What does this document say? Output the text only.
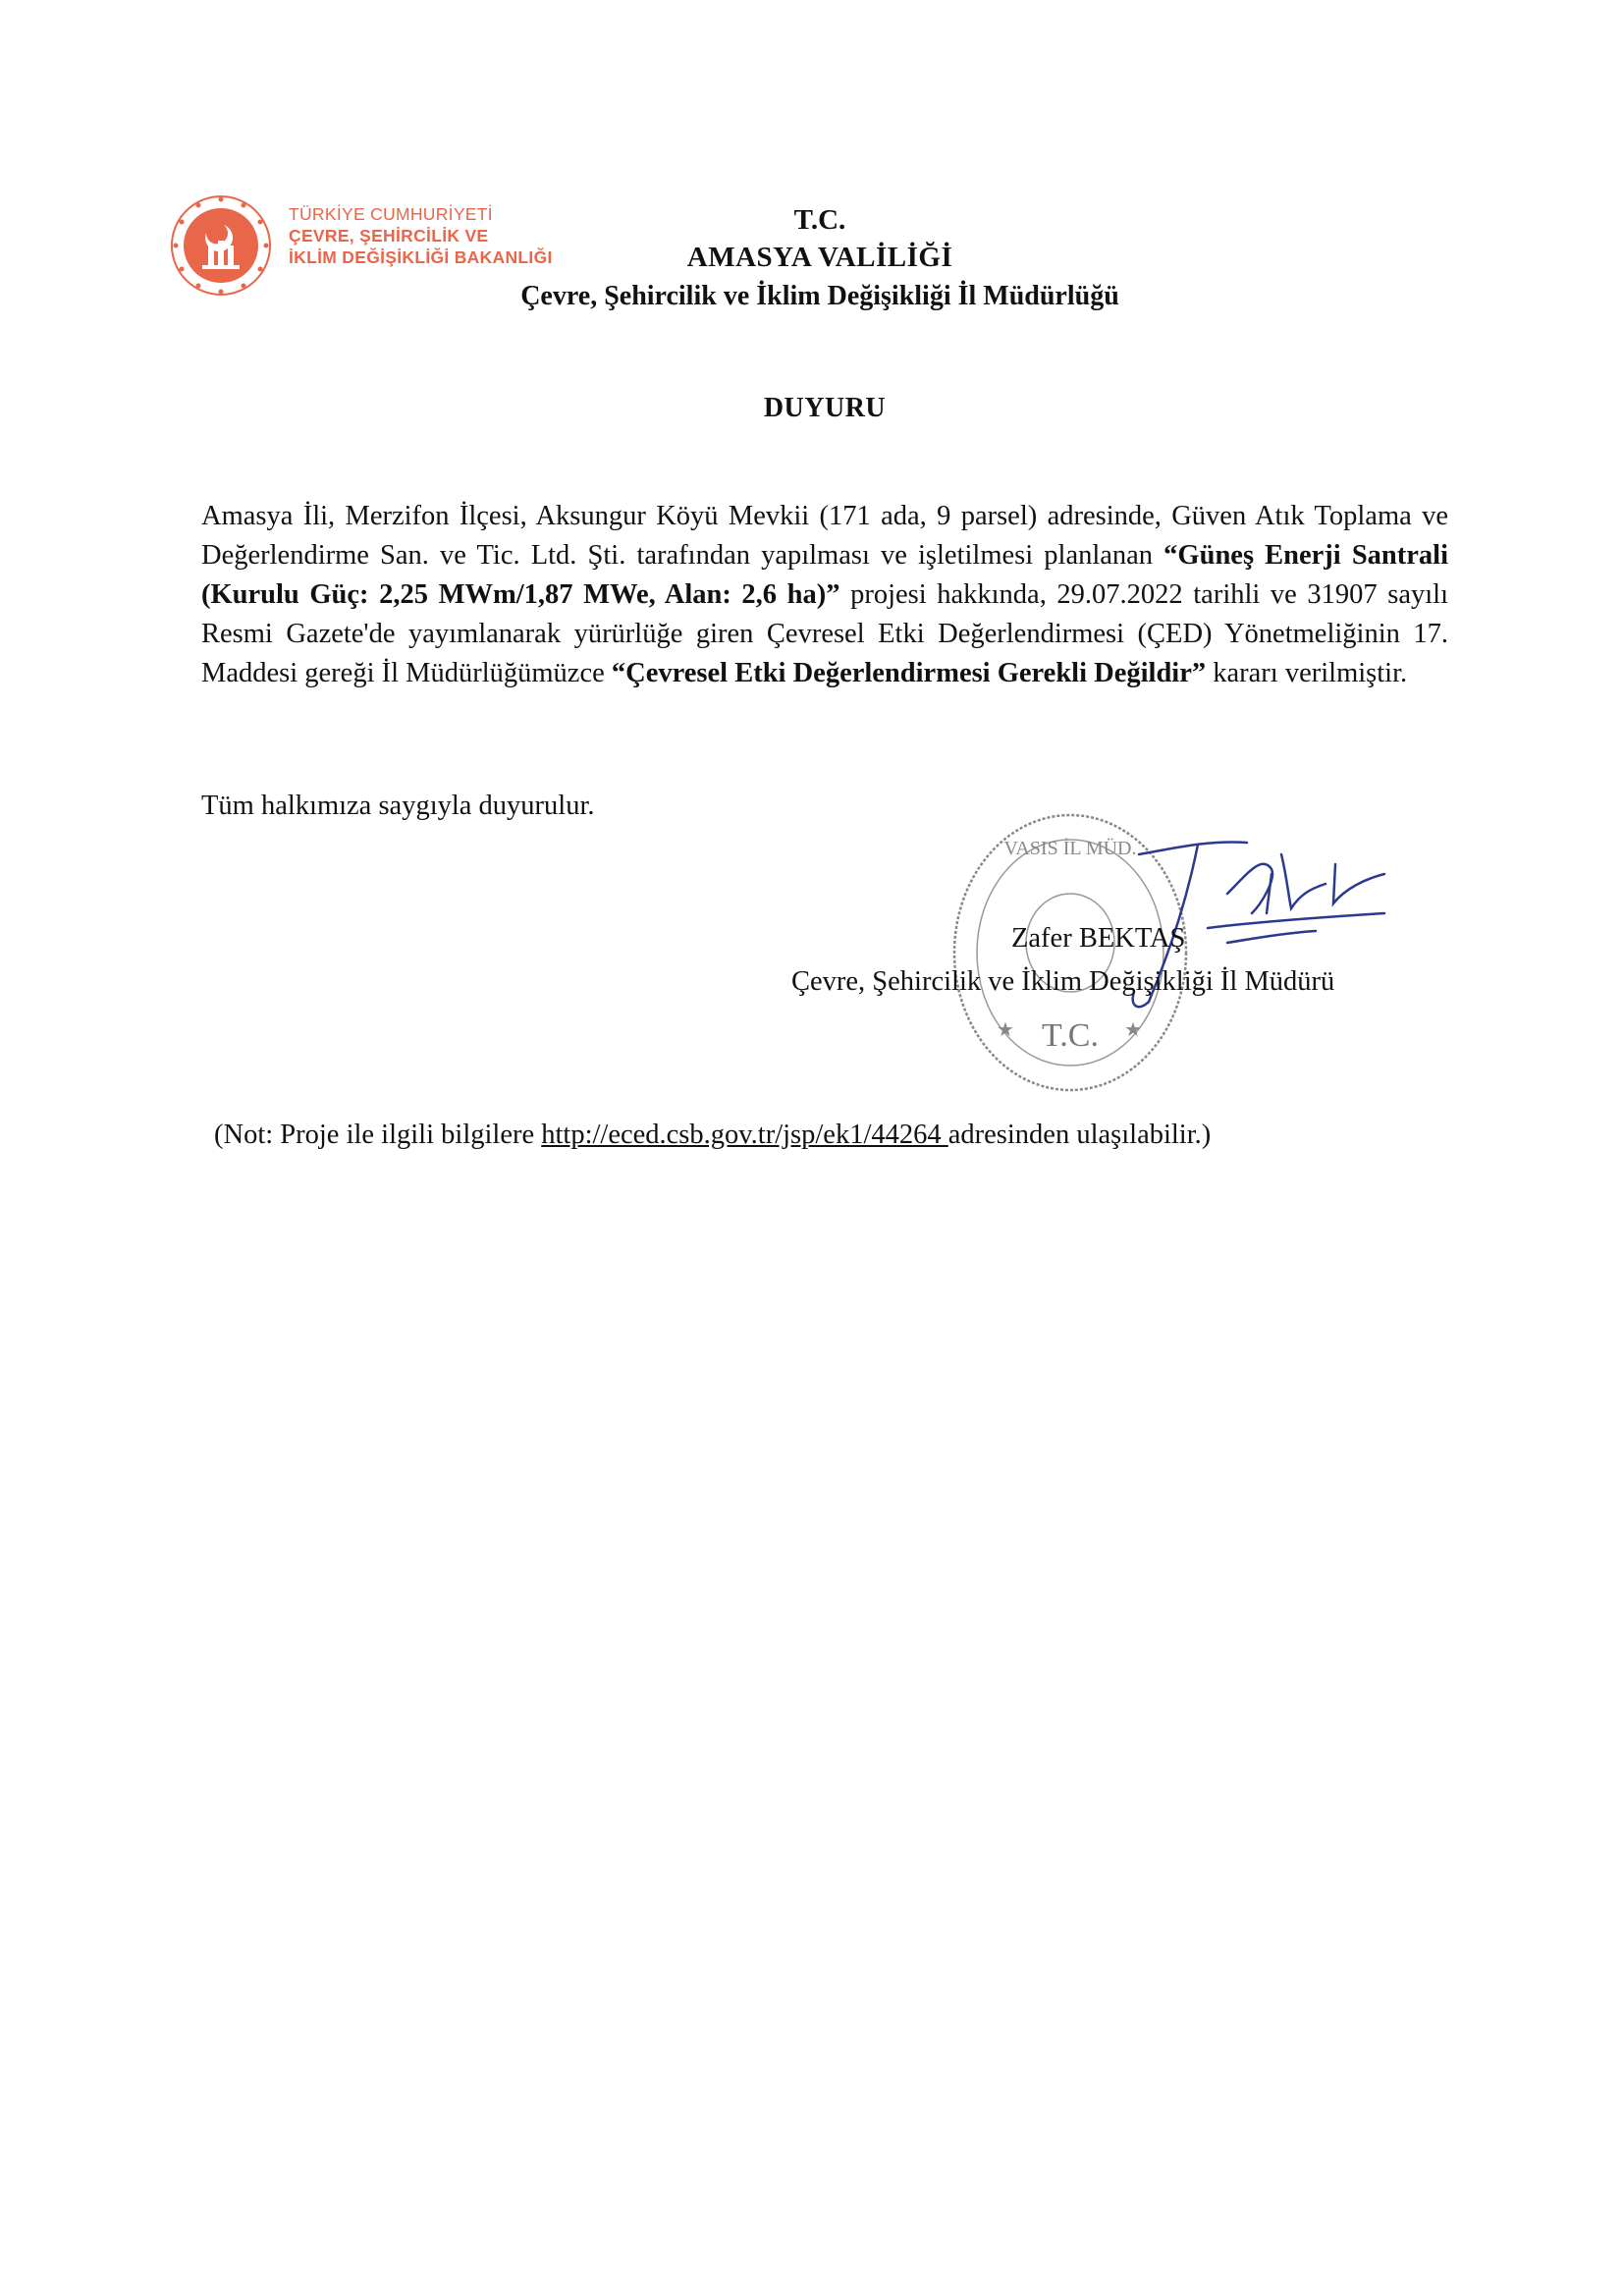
TÜRKİYE CUMHURİYETİ
ÇEVRE, ŞEHİRCİLİK VE
İKLİM DEĞİŞİKLİĞİ BAKANLIĞI
T.C.
AMASYA VALİLİĞİ
Çevre, Şehircilik ve İklim Değişikliği İl Müdürlüğü
DUYURU
Amasya İli, Merzifon İlçesi, Aksungur Köyü Mevkii (171 ada, 9 parsel) adresinde, Güven Atık Toplama ve Değerlendirme San. ve Tic. Ltd. Şti. tarafından yapılması ve işletilmesi planlanan “Güneş Enerji Santrali (Kurulu Güç: 2,25 MWm/1,87 MWe, Alan: 2,6 ha)” projesi hakkında, 29.07.2022 tarihli ve 31907 sayılı Resmi Gazete'de yayımlanarak yürürlüğe giren Çevresel Etki Değerlendirmesi (ÇED) Yönetmeliğinin 17. Maddesi gereği İl Müdürlüğümüzce “Çevresel Etki Değerlendirmesi Gerekli Değildir” kararı verilmiştir.
Tüm halkımıza saygıyla duyurulur.
VASIS İL MÜD.
T.C.
★	★
Zafer BEKTAŞ
Çevre, Şehircilik ve İklim Değişikliği İl Müdürü
(Not: Proje ile ilgili bilgilere http://eced.csb.gov.tr/jsp/ek1/44264 adresinden ulaşılabilir.)
